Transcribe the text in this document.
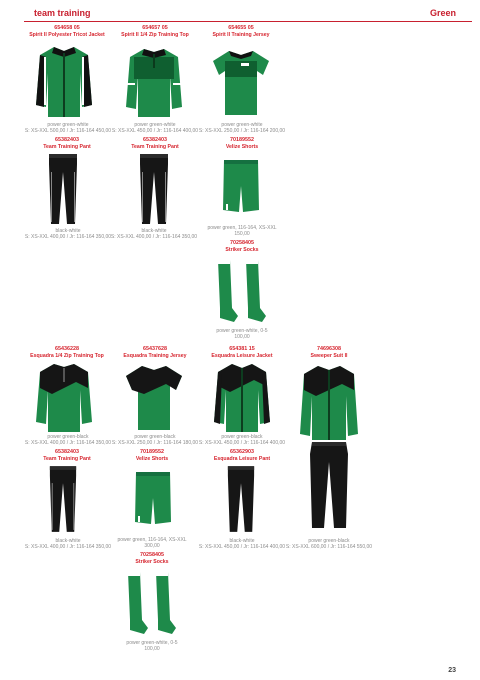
team training	Green
654658 05
Spirit II Polyester Tricot Jacket
power green-white
S: XS-XXL 500,00 / Jr: 116-164 450,00
654657 05
Spirit II 1/4 Zip Training Top
power green-white
S: XS-XXL 450,00 / Jr: 116-164 400,00
654655 05
Spirit II Training Jersey
power green-white
S: XS-XXL 250,00 / Jr: 116-164 200,00
65382403
Team Training Pant
black-white
S: XS-XXL 400,00 / Jr: 116-164 350,00
65382403
Team Training Pant
black-white
S: XS-XXL 400,00 / Jr: 116-164 350,00
70189552
Velize Shorts
power green, 116-164, XS-XXL
150,00
70258405
Striker Socks
power green-white, 0-5
100,00
65436228
Esquadra 1/4 Zip Training Top
power green-black
S: XS-XXL 400,00 / Jr: 116-164 350,00
65437628
Esquadra Training Jersey
power green-black
S: XS-XXL 250,00 / Jr: 116-164 180,00
654381 15
Esquadra Leisure Jacket
power green-black
S: XS-XXL 450,00 / Jr: 116-164 400,00
74696308
Sweeper Suit II
power green-black
S: XS-XXL 600,00 / Jr: 116-164 550,00
65382403
Team Training Pant
black-white
S: XS-XXL 400,00 / Jr: 116-164 350,00
70189552
Velize Shorts
power green, 116-164, XS-XXL
300,00
65362903
Esquadra Leisure Pant
black-white
S: XS-XXL 450,00 / Jr: 116-164 400,00
70258405
Striker Socks
power green-white, 0-5
100,00
23
